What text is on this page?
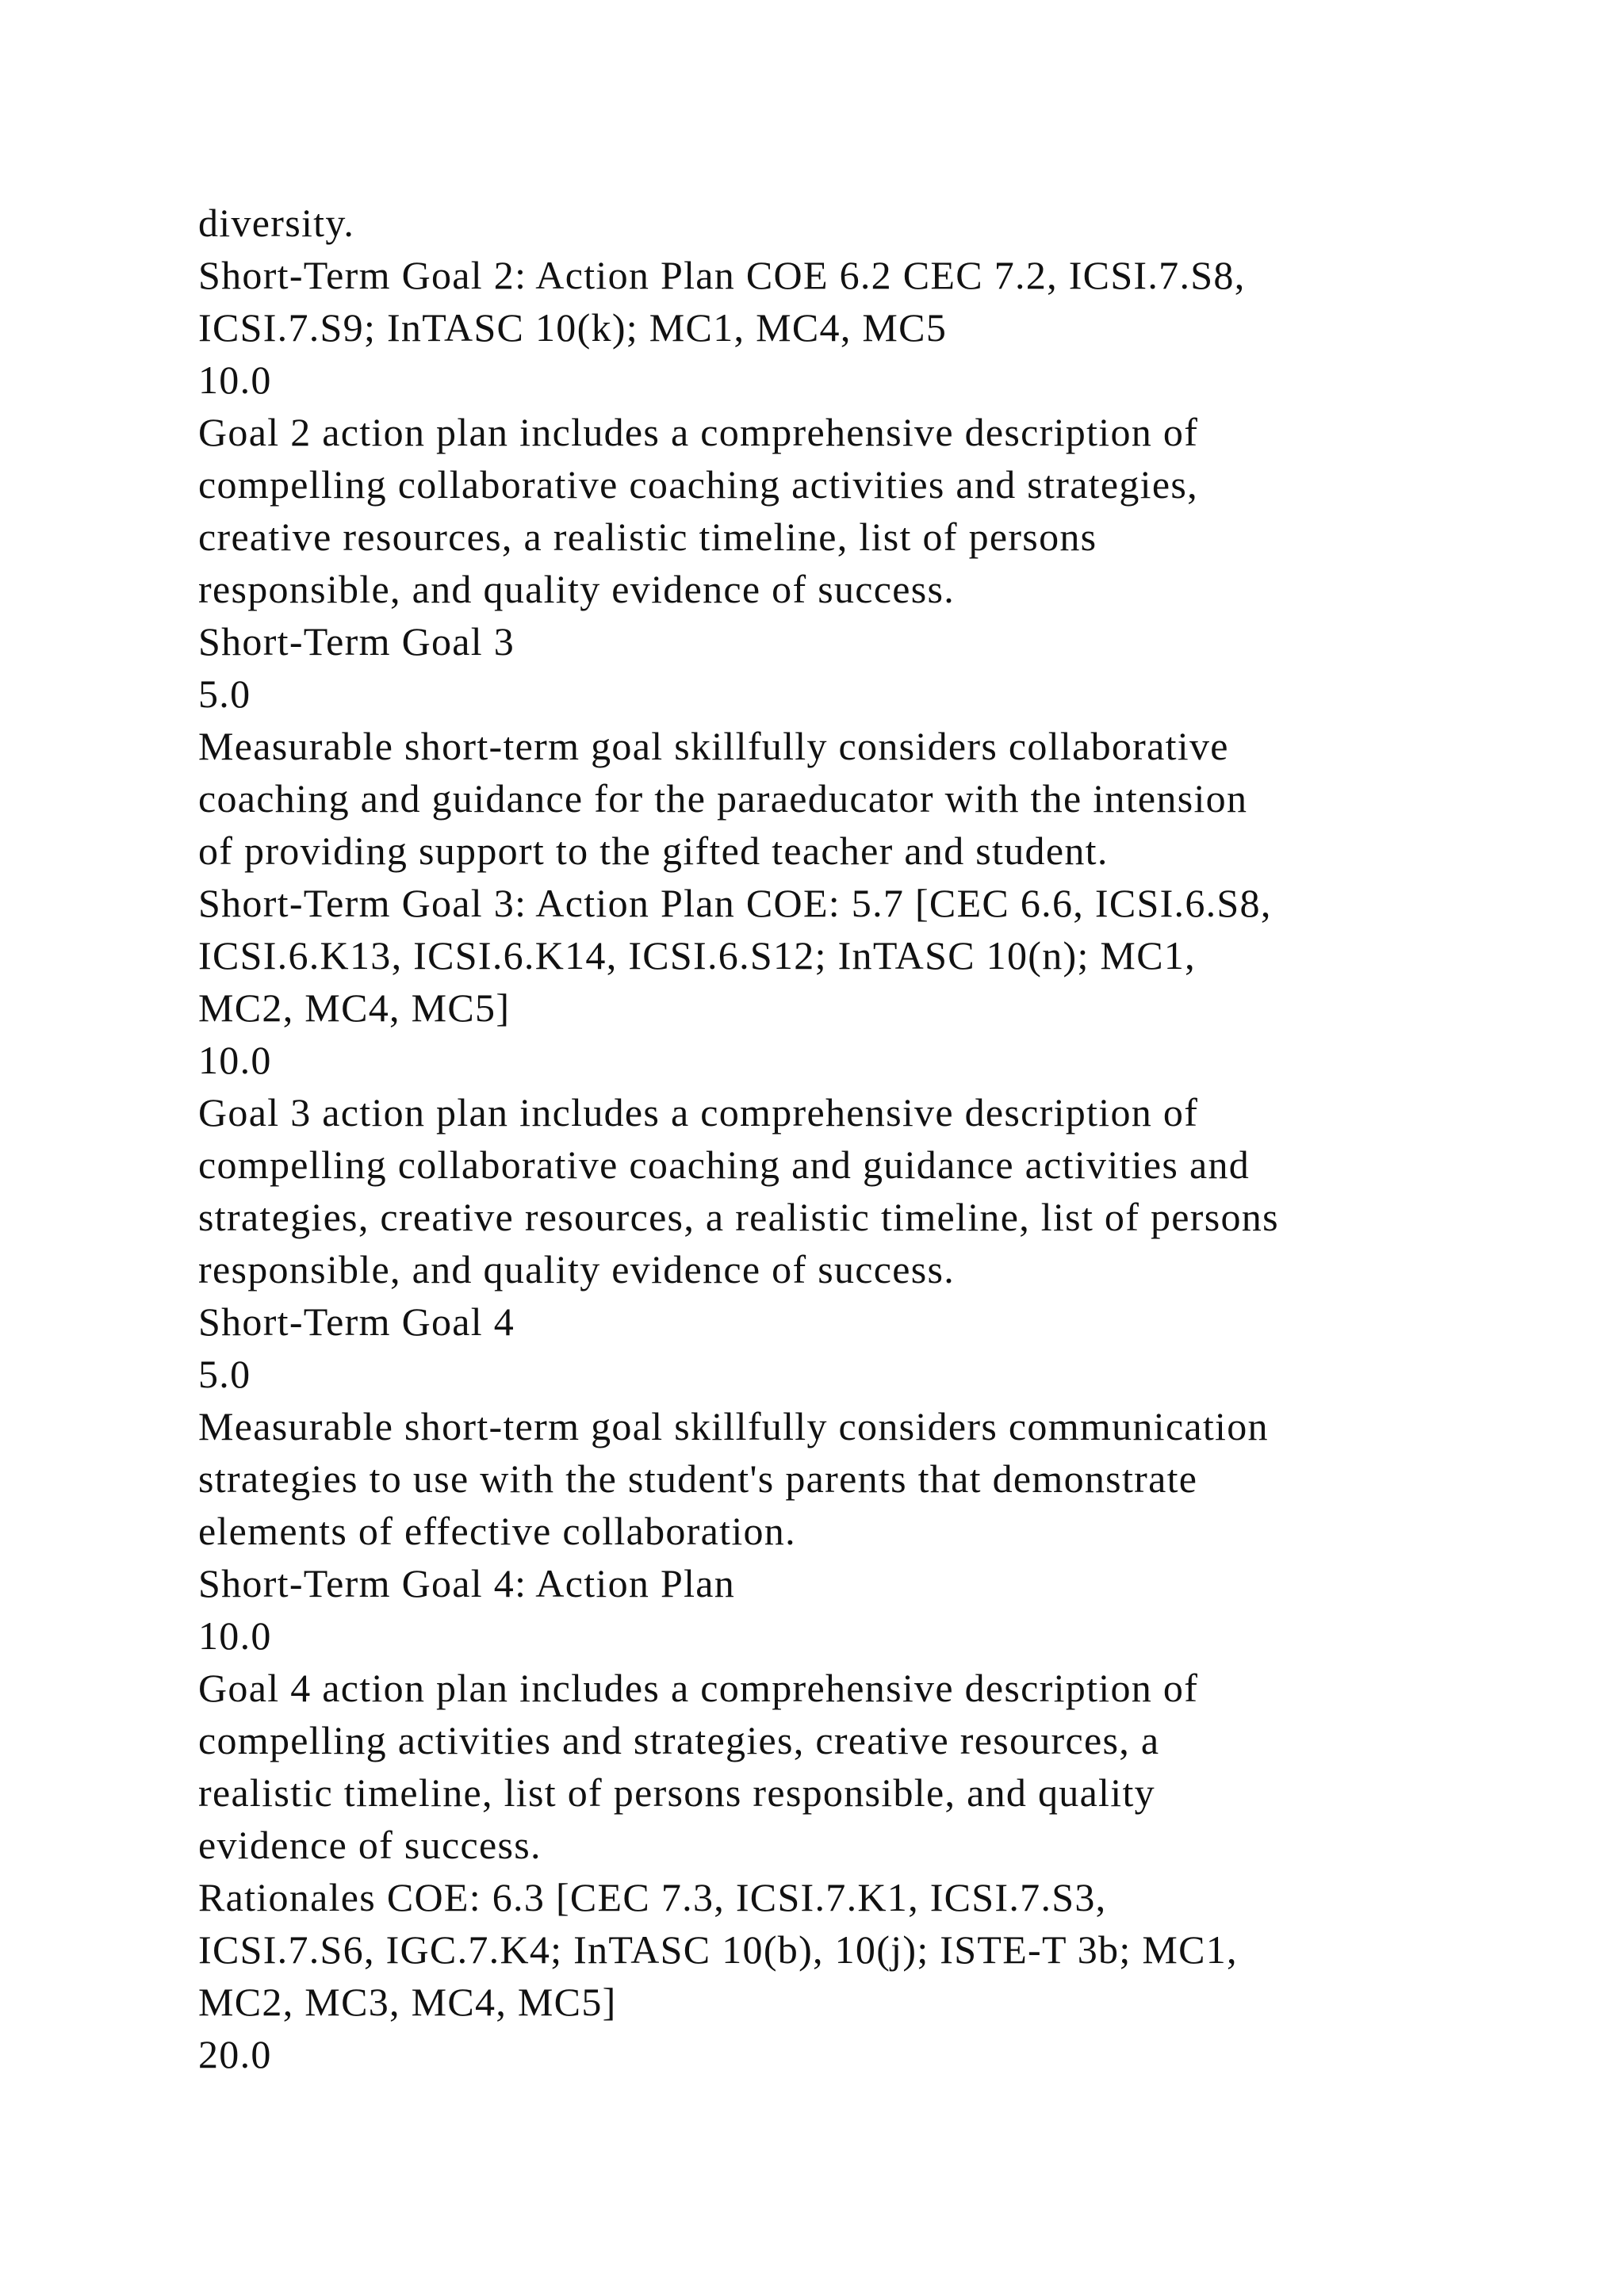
diversity.
Short-Term Goal 2: Action Plan COE 6.2 CEC 7.2, ICSI.7.S8,
ICSI.7.S9; InTASC 10(k); MC1, MC4, MC5
10.0
Goal 2 action plan includes a comprehensive description of
compelling collaborative coaching activities and strategies,
creative resources, a realistic timeline, list of persons
responsible, and quality evidence of success.
Short-Term Goal 3
5.0
Measurable short-term goal skillfully considers collaborative
coaching and guidance for the paraeducator with the intension
of providing support to the gifted teacher and student.
Short-Term Goal 3: Action Plan COE: 5.7 [CEC 6.6, ICSI.6.S8,
ICSI.6.K13, ICSI.6.K14, ICSI.6.S12; InTASC 10(n); MC1,
MC2, MC4, MC5]
10.0
Goal 3 action plan includes a comprehensive description of
compelling collaborative coaching and guidance activities and
strategies, creative resources, a realistic timeline, list of persons
responsible, and quality evidence of success.
Short-Term Goal 4
5.0
Measurable short-term goal skillfully considers communication
strategies to use with the student's parents that demonstrate
elements of effective collaboration.
Short-Term Goal 4: Action Plan
10.0
Goal 4 action plan includes a comprehensive description of
compelling activities and strategies, creative resources, a
realistic timeline, list of persons responsible, and quality
evidence of success.
Rationales COE: 6.3 [CEC 7.3, ICSI.7.K1, ICSI.7.S3,
ICSI.7.S6, IGC.7.K4; InTASC 10(b), 10(j); ISTE-T 3b; MC1,
MC2, MC3, MC4, MC5]
20.0
